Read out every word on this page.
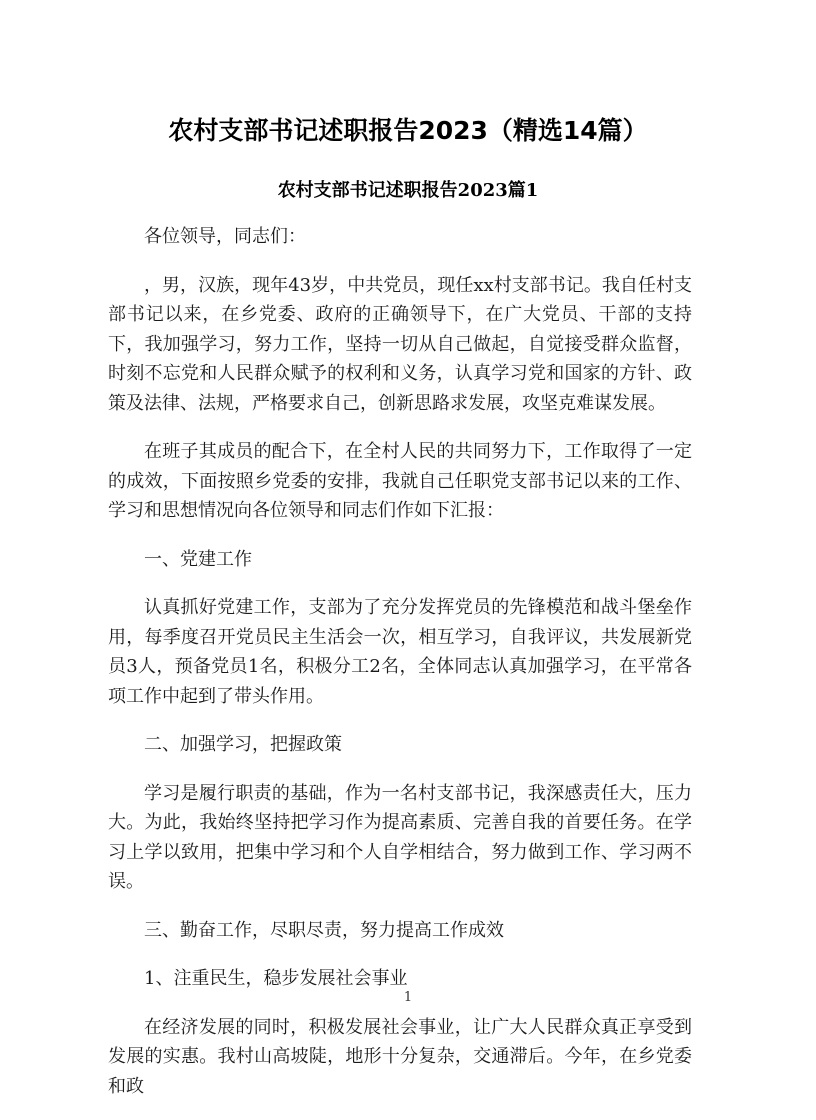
农村支部书记述职报告2023（精选14篇）
农村支部书记述职报告2023篇1

各位领导，同志们：

，男，汉族，现年43岁，中共党员，现任xx村支部书记。我自任村支部书记以来，在乡党委、政府的正确领导下，在广大党员、干部的支持下，我加强学习，努力工作，坚持一切从自己做起，自觉接受群众监督，时刻不忘党和人民群众赋予的权利和义务，认真学习党和国家的方针、政策及法律、法规，严格要求自己，创新思路求发展，攻坚克难谋发展。

在班子其成员的配合下，在全村人民的共同努力下，工作取得了一定的成效，下面按照乡党委的安排，我就自己任职党支部书记以来的工作、学习和思想情况向各位领导和同志们作如下汇报：

一、党建工作

认真抓好党建工作，支部为了充分发挥党员的先锋模范和战斗堡垒作用，每季度召开党员民主生活会一次，相互学习，自我评议，共发展新党员3人，预备党员1名，积极分工2名，全体同志认真加强学习，在平常各项工作中起到了带头作用。

二、加强学习，把握政策

学习是履行职责的基础，作为一名村支部书记，我深感责任大，压力大。为此，我始终坚持把学习作为提高素质、完善自我的首要任务。在学习上学以致用，把集中学习和个人自学相结合，努力做到工作、学习两不误。

三、勤奋工作，尽职尽责，努力提高工作成效

1、注重民生，稳步发展社会事业

在经济发展的同时，积极发展社会事业，让广大人民群众真正享受到发展的实惠。我村山高坡陡，地形十分复杂，交通滞后。今年，在乡党委和政

1
